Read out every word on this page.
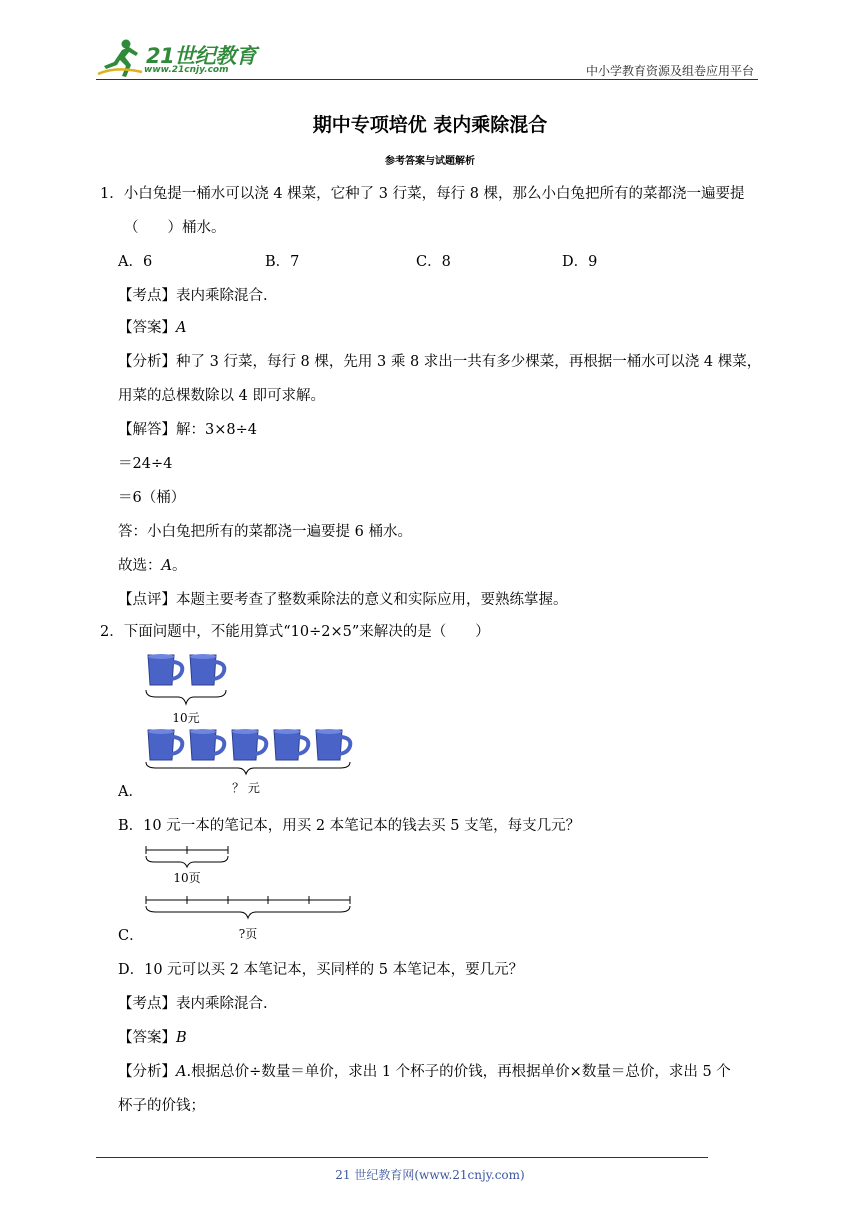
21世纪教育
www.21cnjy.com	中小学教育资源及组卷应用平台
期中专项培优 表内乘除混合
参考答案与试题解析
1．小白兔提一桶水可以浇 4 棵菜，它种了 3 行菜，每行 8 棵，那么小白兔把所有的菜都浇一遍要提
（　　）桶水。
A．6	B．7	C．8	D．9
【考点】表内乘除混合.
【答案】A
【分析】种了 3 行菜，每行 8 棵，先用 3 乘 8 求出一共有多少棵菜，再根据一桶水可以浇 4 棵菜，
用菜的总棵数除以 4 即可求解。
【解答】解：3×8÷4
＝24÷4
＝6（桶）
答：小白兔把所有的菜都浇一遍要提 6 桶水。
故选：A。
【点评】本题主要考查了整数乘除法的意义和实际应用，要熟练掌握。
2．下面问题中，不能用算式“10÷2×5”来解决的是（　　）
10元
？ 元
A．
B．10 元一本的笔记本，用买 2 本笔记本的钱去买 5 支笔，每支几元？
10页
?页
C．
D．10 元可以买 2 本笔记本，买同样的 5 本笔记本，要几元？
【考点】表内乘除混合.
【答案】B
【分析】A.根据总价÷数量＝单价，求出 1 个杯子的价钱，再根据单价×数量＝总价，求出 5 个
杯子的价钱；
21 世纪教育网(www.21cnjy.com)
